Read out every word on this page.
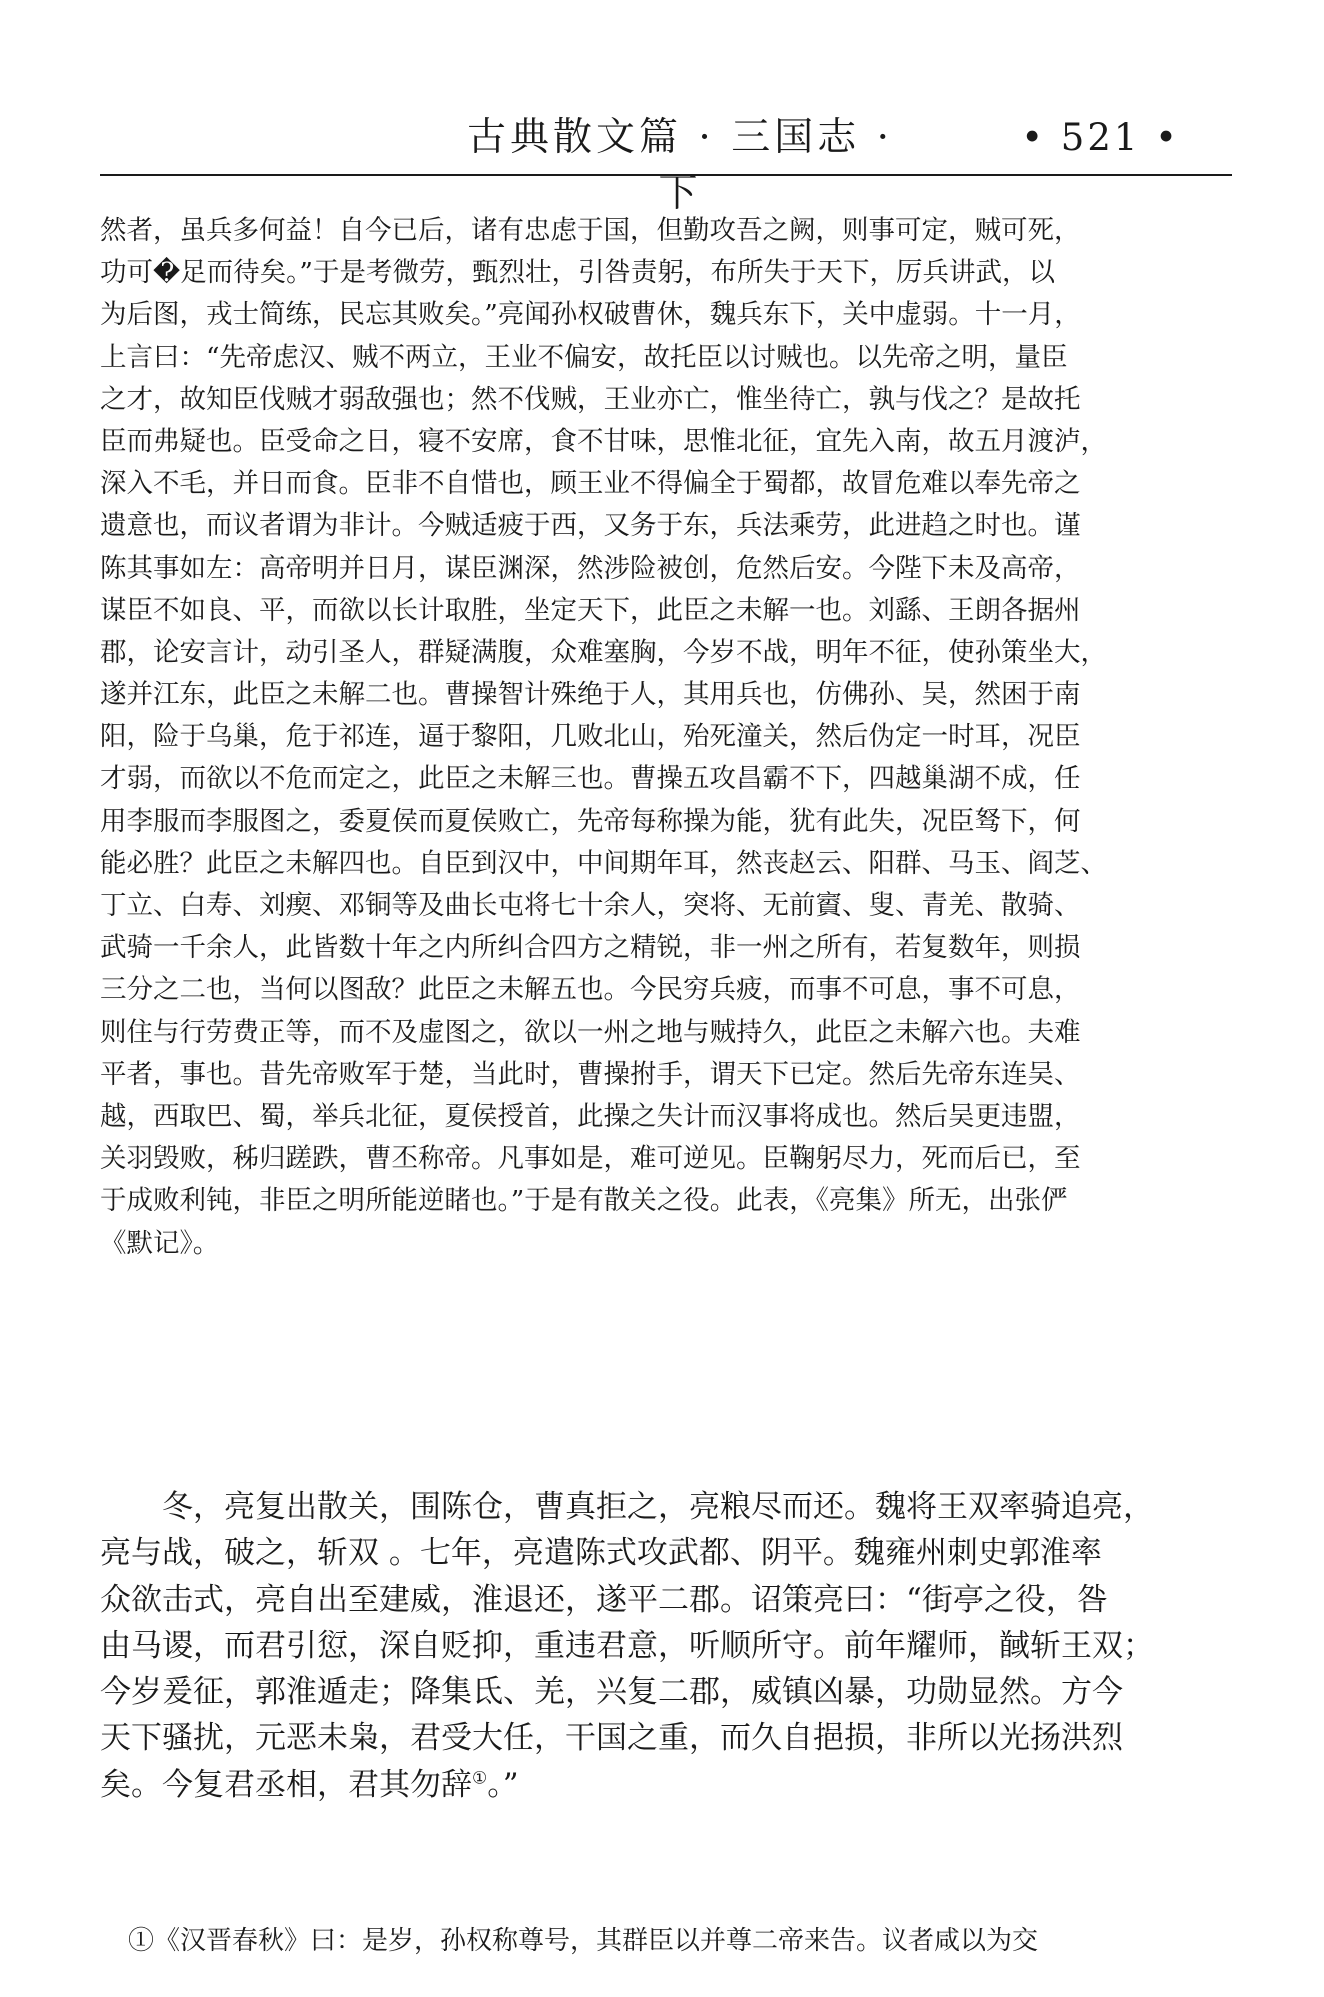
古典散文篇 · 三国志 · 下
• 521 •
然者，虽兵多何益！自今已后，诸有忠虑于国，但勤攻吾之阙，则事可定，贼可死，
功可�足而待矣。”于是考微劳，甄烈壮，引咎责躬，布所失于天下，厉兵讲武，以
为后图，戎士简练，民忘其败矣。”亮闻孙权破曹休，魏兵东下，关中虚弱。十一月，
上言曰：“先帝虑汉、贼不两立，王业不偏安，故托臣以讨贼也。以先帝之明，量臣
之才，故知臣伐贼才弱敌强也；然不伐贼，王业亦亡，惟坐待亡，孰与伐之？是故托
臣而弗疑也。臣受命之日，寝不安席，食不甘味，思惟北征，宜先入南，故五月渡泸，
深入不毛，并日而食。臣非不自惜也，顾王业不得偏全于蜀都，故冒危难以奉先帝之
遗意也，而议者谓为非计。今贼适疲于西，又务于东，兵法乘劳，此进趋之时也。谨
陈其事如左：高帝明并日月，谋臣渊深，然涉险被创，危然后安。今陛下未及高帝，
谋臣不如良、平，而欲以长计取胜，坐定天下，此臣之未解一也。刘繇、王朗各据州
郡，论安言计，动引圣人，群疑满腹，众难塞胸，今岁不战，明年不征，使孙策坐大，
遂并江东，此臣之未解二也。曹操智计殊绝于人，其用兵也，仿佛孙、吴，然困于南
阳，险于乌巢，危于祁连，逼于黎阳，几败北山，殆死潼关，然后伪定一时耳，况臣
才弱，而欲以不危而定之，此臣之未解三也。曹操五攻昌霸不下，四越巢湖不成，任
用李服而李服图之，委夏侯而夏侯败亡，先帝每称操为能，犹有此失，况臣驽下，何
能必胜？此臣之未解四也。自臣到汉中，中间期年耳，然丧赵云、阳群、马玉、阎芝、
丁立、白寿、刘瘈、邓铜等及曲长屯将七十余人，突将、无前賨、叟、青羌、散骑、
武骑一千余人，此皆数十年之内所纠合四方之精锐，非一州之所有，若复数年，则损
三分之二也，当何以图敌？此臣之未解五也。今民穷兵疲，而事不可息，事不可息，
则住与行劳费正等，而不及虚图之，欲以一州之地与贼持久，此臣之未解六也。夫难
平者，事也。昔先帝败军于楚，当此时，曹操拊手，谓天下已定。然后先帝东连吴、
越，西取巴、蜀，举兵北征，夏侯授首，此操之失计而汉事将成也。然后吴更违盟，
关羽毁败，秭归蹉跌，曹丕称帝。凡事如是，难可逆见。臣鞠躬尽力，死而后已，至
于成败利钝，非臣之明所能逆睹也。”于是有散关之役。此表，《亮集》所无，出张俨
《默记》。
　　冬，亮复出散关，围陈仓，曹真拒之，亮粮尽而还。魏将王双率骑追亮，
亮与战，破之，斩双 。七年，亮遣陈式攻武都、阴平。魏雍州刺史郭淮率
众欲击式，亮自出至建威，淮退还，遂平二郡。诏策亮曰：“街亭之役，咎
由马谡，而君引愆，深自贬抑，重违君意，听顺所守。前年耀师，馘斩王双；
今岁爰征，郭淮遁走；降集氐、羌，兴复二郡，威镇凶暴，功勋显然。方今
天下骚扰，元恶未枭，君受大任，干国之重，而久自挹损，非所以光扬洪烈
矣。今复君丞相，君其勿辞①。”
①《汉晋春秋》曰：是岁，孙权称尊号，其群臣以并尊二帝来告。议者咸以为交
